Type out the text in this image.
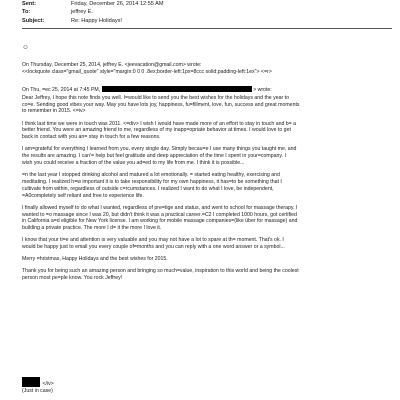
Sent:	Friday, December 26, 2014 12:55 AM
To:	jeffrey E.
Subject:	Re: Happy Holidays!
☺
On Thursday, December 25, 2014, jeffrey E. <jeevacation@gmail.com> wrote:
<<lockquote class="gmail_quote" style="margin:0 0 0 .8ex;border-left:1px=8ccc solid;padding-left:1ex"> <=r>
On Thu, =ec 25, 2014 at 7:45 PM,	> wrote:
Dear Jeffrey, I hope this note finds you well. I=would like to send you the best wishes for the holidays and the year to
co=e. Sending good vibes your way. May you have lots joy, happiness, fu=fillment, love, fun, success and great moments
to remember in 2015. <=iv>
I think last time we were in touch was 2011. <=div> I wish I would have made more of an effort to stay in touch and b= a
better friend. You were an amazing friend to me, regardless of my inapp=opriate behavior at times. I would love to get
back in contact with you an= stay in touch for a few reasons.
I am=grateful for everything I learned from you, every single day. Simply becau=e I use many things you taught me, and
the results are amazing. I can'= help but feel gratitude and deep appreciation of the time I spent in your=company. I
wish you could receive a fraction of the value you ad=ed to my life from me. I think it is possible...
=n the last year I stopped drinking alcohol and matured a lot emotionally. = started eating healthy, exercising and
meditating. I realized h=w important it is to take responsibility for my own happiness, it has=to be something that I
cultivate from within, regardless of outside c=rcumstances. I realized I want to do what I love, be independent,
=A0completely self reliant and free to experience life.
I finally allowed myself to do what I wanted, regardless of pre=tige and status, and went to school for massage therapy. I
wanted to =o massage since I was 20, but didn't think it was a practical career.=C2 I completed 1000 hours, got certified
in California a=d eligible for New York license. I am working for mobile massage companies=(like über for massage) and
building a private practice. The more I d= it the more I love it.
I know that your ti=e and attention is very valuable and you may not have a lot to spare at th= moment. That's ok. I
would be happy just to email you every couple of=months and you can reply with a one word answer or a symbol...
Merry =hristmas, Happy Holidays and the best wishes for 2015.
Thank you for being such an amazing person and bringing so much=value, inspiration to this world and being the coolest
person most pe=ple know. You rock Jeffrey!
</iv>
(Just in case)
